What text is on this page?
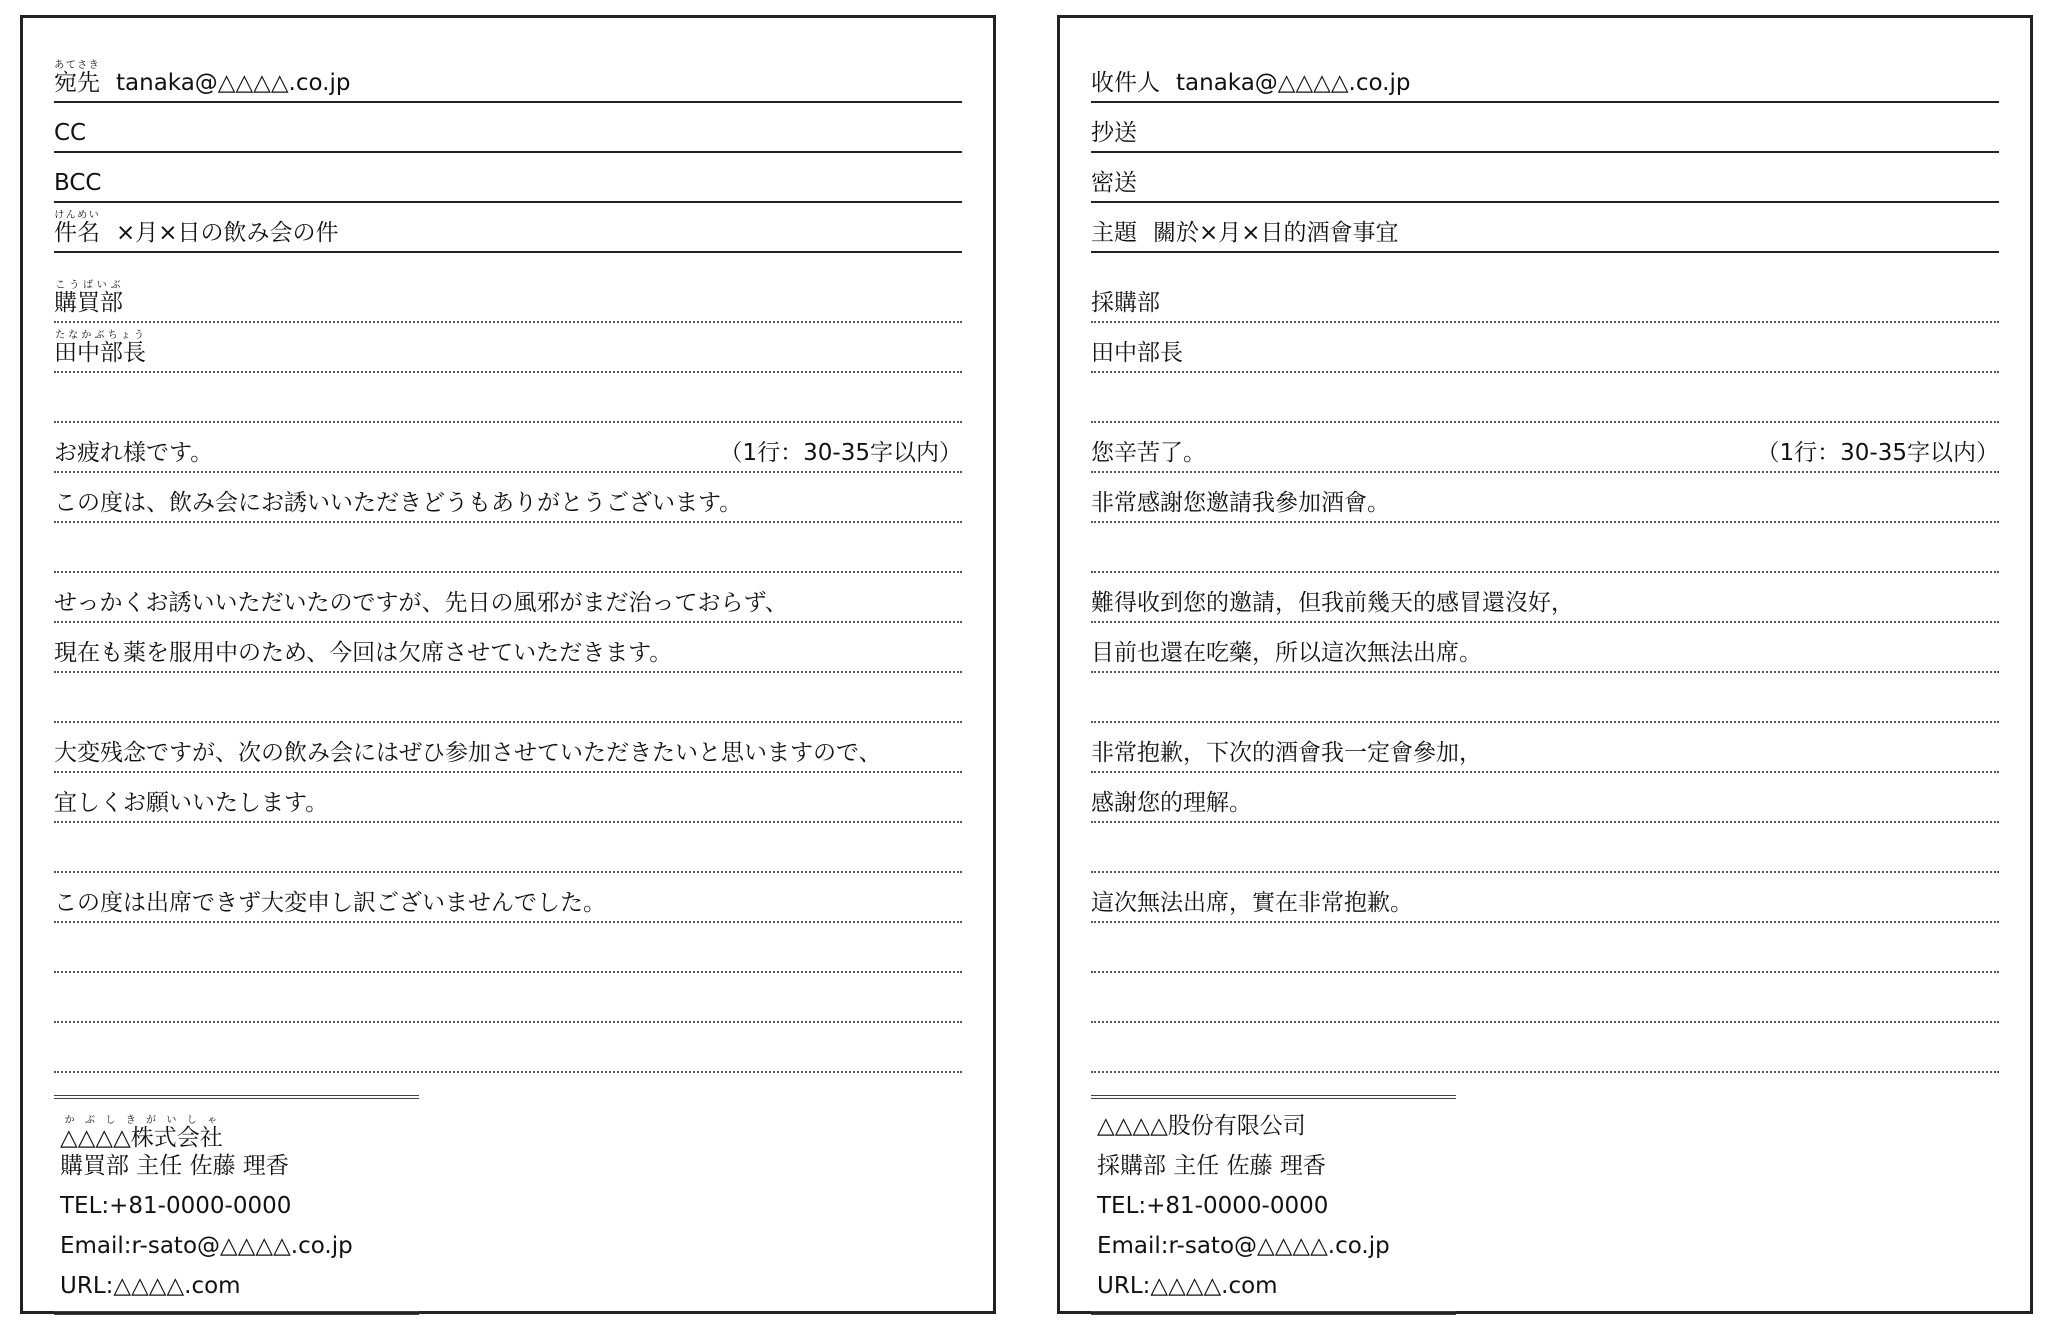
宛先あてさき
tanaka@△△△△.co.jp
CC
BCC
件名けんめい
×月×日の飲み会の件
購買部こうばいぶ
田中部長たなかぶちょう
お疲れ様です。	（1行：30-35字以内）
この度は、飲み会にお誘いいただきどうもありがとうございます。
せっかくお誘いいただいたのですが、先日の風邪がまだ治っておらず、
現在も薬を服用中のため、今回は欠席させていただきます。
大変残念ですが、次の飲み会にはぜひ参加させていただきたいと思いますので、
宜しくお願いいたします。
この度は出席できず大変申し訳ございませんでした。
△△△△株式会社かぶしきがいしゃ
購買部 主任 佐藤 理香
TEL:+81-0000-0000
Email:r-sato@△△△△.co.jp
URL:△△△△.com
收件人 tanaka@△△△△.co.jp
抄送
密送
主題 關於×月×日的酒會事宜
採購部
田中部長
您辛苦了。	（1行：30-35字以内）
非常感謝您邀請我參加酒會。
難得收到您的邀請，但我前幾天的感冒還沒好，
目前也還在吃藥，所以這次無法出席。
非常抱歉，下次的酒會我一定會參加，
感謝您的理解。
這次無法出席，實在非常抱歉。
△△△△股份有限公司
採購部 主任 佐藤 理香
TEL:+81-0000-0000
Email:r-sato@△△△△.co.jp
URL:△△△△.com
